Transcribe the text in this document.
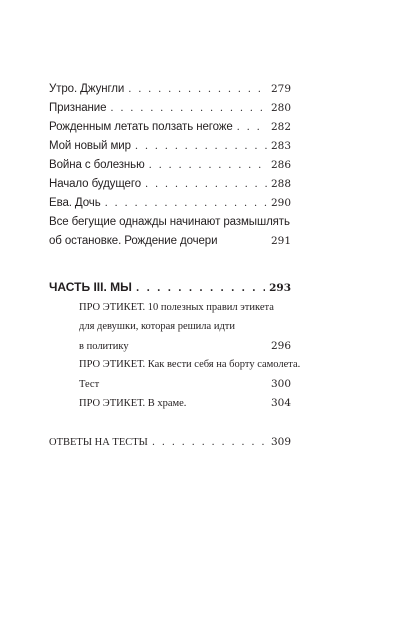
Утро. Джунгли . . .	279
Признание . . .	280
Рожденным летать ползать негоже . . .	282
Мой новый мир . . .	283
Война с болезнью . . .	286
Начало будущего . . .	288
Ева. Дочь . . .	290
Все бегущие однажды начинают размышлять
об остановке. Рождение дочери	291
ЧАСТЬ III. МЫ . . .	293
ПРО ЭТИКЕТ. 10 полезных правил этикета
для девушки, которая решила идти
в политику	296
ПРО ЭТИКЕТ. Как вести себя на борту самолета.
Тест	300
ПРО ЭТИКЕТ. В храме.	304
ОТВЕТЫ НА ТЕСТЫ . . .	309
